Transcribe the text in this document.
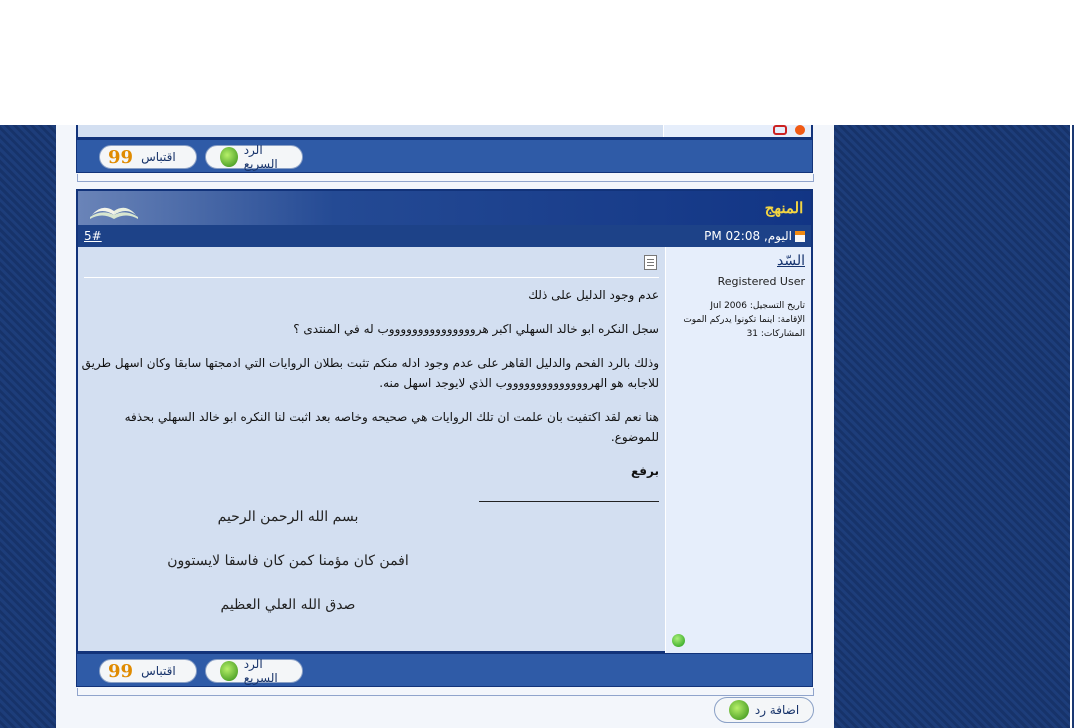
99 اقتباس	الرد السريع
المنهج
5#	اليوم, 02:08 PM
السّد
Registered User
تاريخ التسجيل: Jul 2006
الإقامة: اينما تكونوا يدركم الموت
المشاركات: 31

عدم وجود الدليل على ذلك

سجل النكره ابو خالد السهلي اكبر هروووووووووووووووب له في المنتدى ؟

وذلك بالرد الفحم والدليل القاهر على عدم وجود ادله منكم تثبت بطلان الروايات التي ادمجتها سابقا وكان اسهل طريق للاجابه هو الهرووووووووووووووب الذي لايوجد اسهل منه.

هنا نعم لقد اكتفيت بان علمت ان تلك الروايات هي صحيحه وخاصه بعد اثبت لنا النكره ابو خالد السهلي بحذفه للموضوع.

برفع

بسم الله الرحمن الرحيم
افمن كان مؤمنا كمن كان فاسقا لايستوون
صدق الله العلي العظيم
99 اقتباس	الرد السريع
اضافة رد
